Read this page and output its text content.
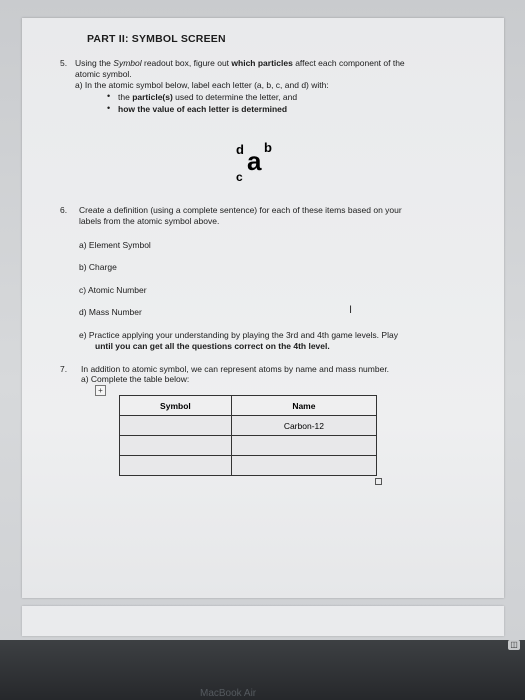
PART II: SYMBOL SCREEN
5. Using the Symbol readout box, figure out which particles affect each component of the
atomic symbol.
a) In the atomic symbol below, label each letter (a, b, c, and d) with:
• the particle(s) used to determine the letter, and
• how the value of each letter is determined
d a b
c
6. Create a definition (using a complete sentence) for each of these items based on your
labels from the atomic symbol above.
a) Element Symbol
b) Charge
c) Atomic Number
d) Mass Number	I
e) Practice applying your understanding by playing the 3rd and 4th game levels. Play
until you can get all the questions correct on the 4th level.
7. In addition to atomic symbol, we can represent atoms by name and mass number.
a) Complete the table below:
+
Symbol	Name
	Carbon-12

◫
MacBook Air
